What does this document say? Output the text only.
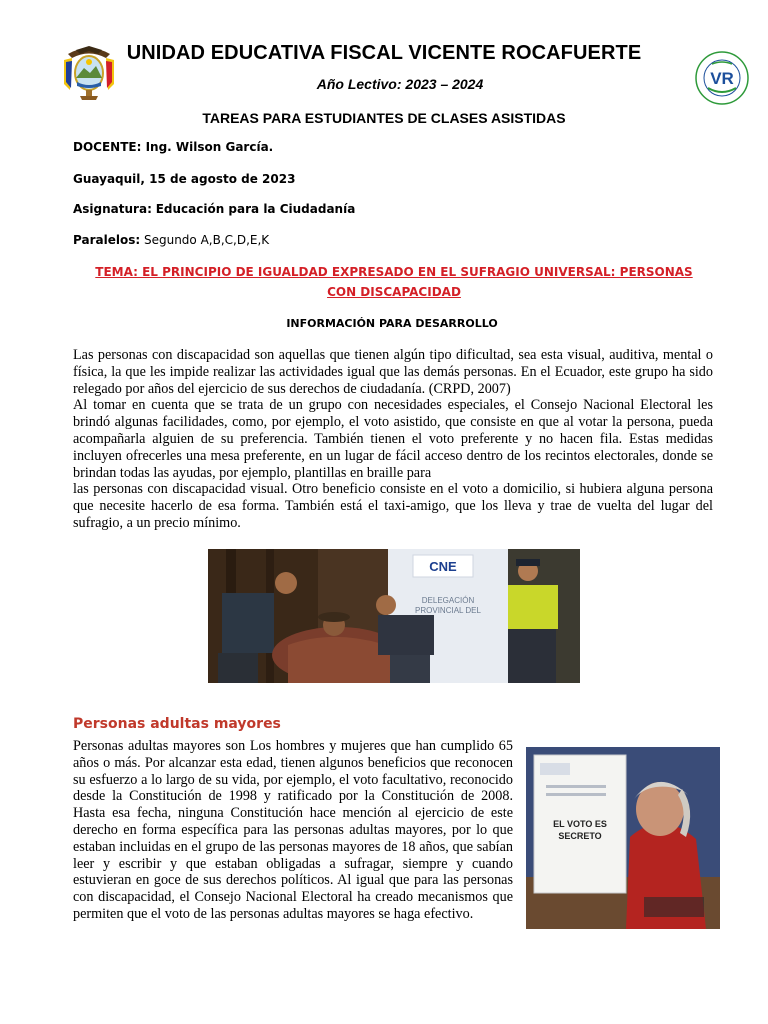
VR
UNIDAD EDUCATIVA FISCAL VICENTE ROCAFUERTE
Año Lectivo: 2023 – 2024
TAREAS PARA ESTUDIANTES DE CLASES ASISTIDAS
DOCENTE: Ing. Wilson García.
Guayaquil, 15 de agosto de 2023
Asignatura: Educación para la Ciudadanía
Paralelos: Segundo A,B,C,D,E,K
TEMA: EL PRINCIPIO DE IGUALDAD EXPRESADO EN EL SUFRAGIO UNIVERSAL: PERSONAS CON DISCAPACIDAD
INFORMACIÓN PARA DESARROLLO

Las personas con discapacidad son aquellas que tienen algún tipo dificultad, sea esta visual, auditiva, mental o física, la que les impide realizar las actividades igual que las demás personas. En el Ecuador, este grupo ha sido relegado por años del ejercicio de sus derechos de ciudadanía. (CRPD, 2007)

Al tomar en cuenta que se trata de un grupo con necesidades especiales, el Consejo Nacional Electoral les brindó algunas facilidades, como, por ejemplo, el voto asistido, que consiste en que al votar la persona, pueda acompañarla alguien de su preferencia. También tienen el voto preferente y no hacen fila. Estas medidas incluyen ofrecerles una mesa preferente, en un lugar de fácil acceso dentro de los recintos electorales, donde se brindan todas las ayudas, por ejemplo, plantillas en braille para

las personas con discapacidad visual. Otro beneficio consiste en el voto a domicilio, si hubiera alguna persona que necesite hacerlo de esa forma. También está el taxi-amigo, que los lleva y trae de vuelta del lugar del sufragio, a un precio mínimo.

CNE
DELEGACIÓN
PROVINCIAL DEL
Personas adultas mayores

Personas adultas mayores son Los hombres y mujeres que han cumplido 65 años o más. Por alcanzar esta edad, tienen algunos beneficios que reconocen su esfuerzo a lo largo de su vida, por ejemplo, el voto facultativo, reconocido desde la Constitución de 1998 y ratificado por la Constitución de 2008. Hasta esa fecha, ninguna Constitución hace mención al ejercicio de este derecho en forma específica para las personas adultas mayores, por lo que estaban incluidas en el grupo de las personas mayores de 18 años, que sabían leer y escribir y que estaban obligadas a sufragar, siempre y cuando estuvieran en goce de sus derechos políticos. Al igual que para las personas con discapacidad, el Consejo Nacional Electoral ha creado mecanismos que permiten que el voto de las personas adultas mayores se haga efectivo.

EL VOTO ES
SECRETO
